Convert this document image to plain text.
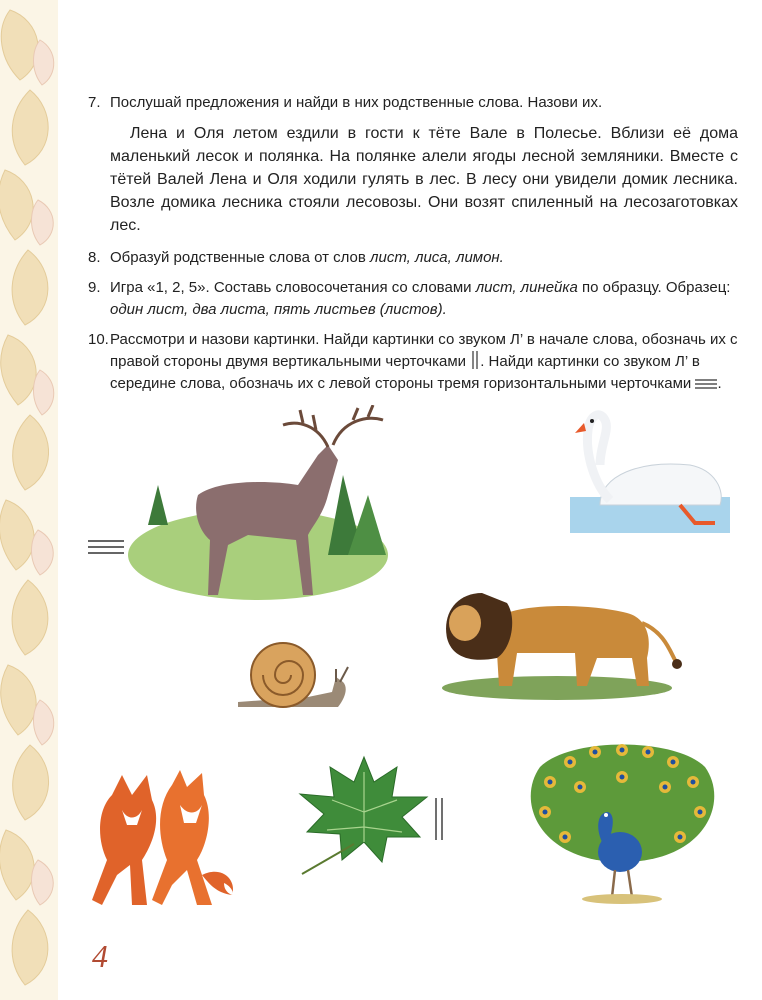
7. Послушай предложения и найди в них родственные слова. Назови их.
Лена и Оля летом ездили в гости к тёте Вале в Полесье. Вблизи её дома маленький лесок и полянка. На полянке алели ягоды лесной земляники. Вместе с тётей Валей Лена и Оля ходили гулять в лес. В лесу они увидели домик лесника. Возле домика лесника стояли лесовозы. Они возят спиленный на лесозаготовках лес.
8. Образуй родственные слова от слов лист, лиса, лимон.
9. Игра «1, 2, 5». Составь словосочетания со словами лист, линейка по образцу. Образец:
один лист, два листа, пять листьев (листов).
10. Рассмотри и назови картинки. Найди картинки со звуком Л’ в начале слова, обозначь их с правой стороны двумя вертикальными черточками . Найди картинки со звуком Л’ в середине слова, обозначь их с левой стороны тремя горизонтальными черточками .
4
